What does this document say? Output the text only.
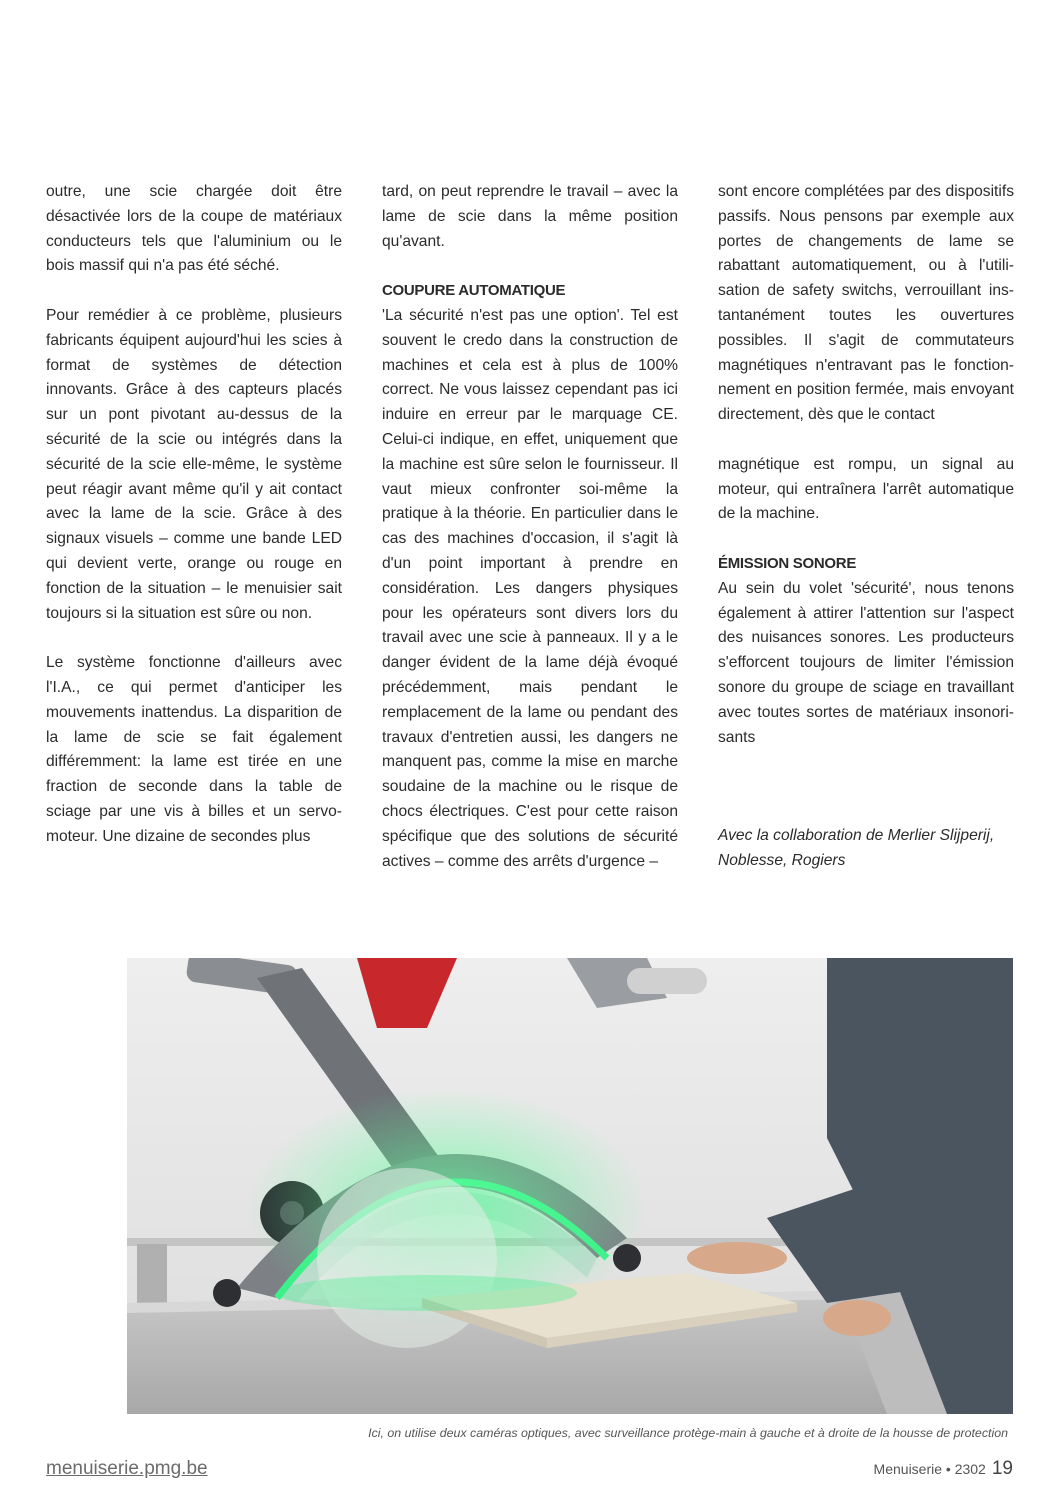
outre, une scie chargée doit être désactivée lors de la coupe de matériaux conducteurs tels que l'aluminium ou le bois massif qui n'a pas été séché.

Pour remédier à ce problème, plusieurs fabricants équipent aujourd'hui les scies à format de systèmes de détection innovants. Grâce à des capteurs placés sur un pont pivotant au-dessus de la sécurité de la scie ou intégrés dans la sécurité de la scie elle-même, le système peut réagir avant même qu'il y ait contact avec la lame de la scie. Grâce à des signaux visuels – comme une bande LED qui devient verte, orange ou rouge en fonction de la situation – le menuisier sait toujours si la situation est sûre ou non.

Le système fonctionne d'ailleurs avec l'I.A., ce qui permet d'anticiper les mouvements inattendus. La disparition de la lame de scie se fait également différemment: la lame est tirée en une fraction de seconde dans la table de sciage par une vis à billes et un servomoteur. Une dizaine de secondes plus

tard, on peut reprendre le travail – avec la lame de scie dans la même position qu'avant.

COUPURE AUTOMATIQUE

'La sécurité n'est pas une option'. Tel est souvent le credo dans la construction de machines et cela est à plus de 100% correct. Ne vous laissez cependant pas ici induire en erreur par le marquage CE. Celui-ci indique, en effet, uniquement que la machine est sûre selon le fournisseur. Il vaut mieux confronter soi-même la pratique à la théorie. En particulier dans le cas des machines d'occasion, il s'agit là d'un point important à prendre en considération. Les dangers physiques pour les opérateurs sont divers lors du travail avec une scie à panneaux. Il y a le danger évident de la lame déjà évoqué précédemment, mais pendant le remplacement de la lame ou pendant des travaux d'entretien aussi, les dangers ne manquent pas, comme la mise en marche soudaine de la machine ou le risque de chocs électriques. C'est pour cette raison spécifique que des solutions de sécurité actives – comme des arrêts d'urgence –

sont encore complétées par des dispositifs passifs. Nous pensons par exemple aux portes de changements de lame se rabattant automatiquement, ou à l'utilisation de safety switchs, verrouillant instantanément toutes les ouvertures possibles. Il s'agit de commutateurs magnétiques n'entravant pas le fonctionnement en position fermée, mais envoyant directement, dès que le contact

magnétique est rompu, un signal au moteur, qui entraînera l'arrêt automatique de la machine.

ÉMISSION SONORE

Au sein du volet 'sécurité', nous tenons également à attirer l'attention sur l'aspect des nuisances sonores. Les producteurs s'efforcent toujours de limiter l'émission sonore du groupe de sciage en travaillant avec toutes sortes de matériaux insonorisants

Avec la collaboration de Merlier Slijperij, Noblesse, Rogiers

Ici, on utilise deux caméras optiques, avec surveillance protège-main à gauche et à droite de la housse de protection
menuiserie.pmg.be	Menuiserie • 2302 19
